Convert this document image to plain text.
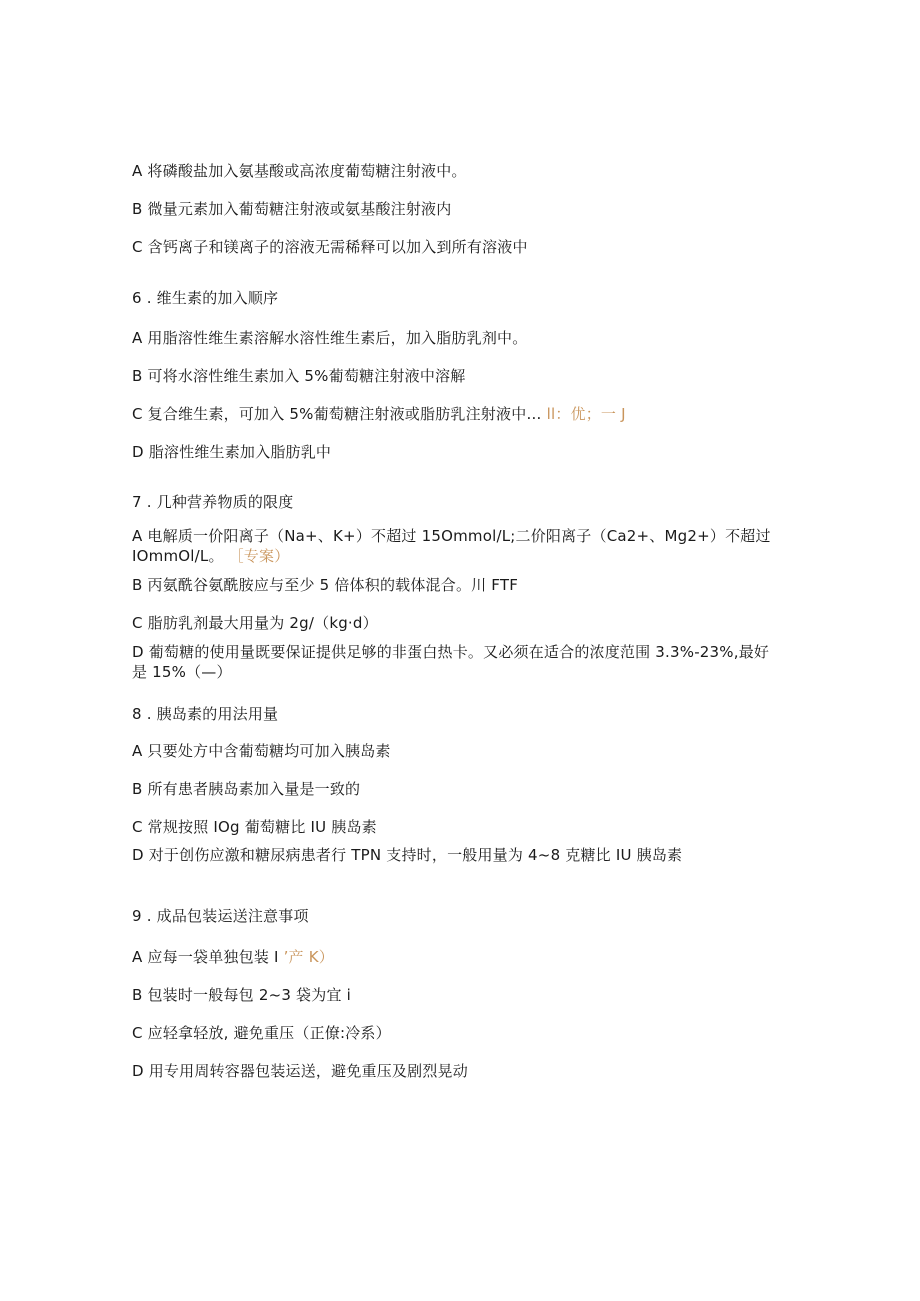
A 将磷酸盐加入氨基酸或高浓度葡萄糖注射液中。
B 微量元素加入葡萄糖注射液或氨基酸注射液内
C 含钙离子和镁离子的溶液无需稀释可以加入到所有溶液中
6 . 维生素的加入顺序
A 用脂溶性维生素溶解水溶性维生素后，加入脂肪乳剂中。
B 可将水溶性维生素加入 5%葡萄糖注射液中溶解
C 复合维生素，可加入 5%葡萄糖注射液或脂肪乳注射液中… ll：优；一 J
D 脂溶性维生素加入脂肪乳中
7 . 几种营养物质的限度
A 电解质一价阳离子（Na+、K+）不超过 15Ommol/L;二价阳离子（Ca2+、Mg2+）不超过 IOmmOl/L。 ［专案）
B 丙氨酰谷氨酰胺应与至少 5 倍体积的载体混合。川 FTF
C 脂肪乳剂最大用量为 2g∕（kg·d）
D 葡萄糖的使用量既要保证提供足够的非蛋白热卡。又必须在适合的浓度范围 3.3%-23%,最好是 15%（—）
8 . 胰岛素的用法用量
A 只要处方中含葡萄糖均可加入胰岛素
B 所有患者胰岛素加入量是一致的
C 常规按照 IOg 葡萄糖比 IU 胰岛素
D 对于创伤应激和糖尿病患者行 TPN 支持时，一般用量为 4~8 克糖比 IU 胰岛素
9 . 成品包装运送注意事项
A 应每一袋单独包装 I ’产 K）
B 包装时一般每包 2~3 袋为宜 i
C 应轻拿轻放, 避免重压（正僚:冷系）
D 用专用周转容器包装运送，避免重压及剧烈晃动
